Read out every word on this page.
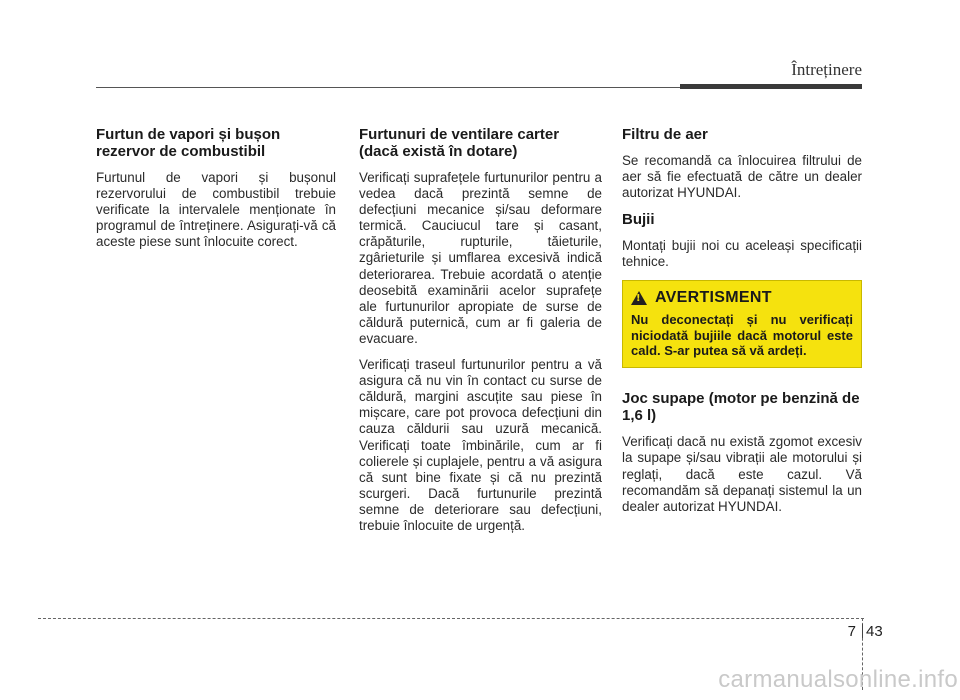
Întreținere
Furtun de vapori și bușon rezervor de combustibil

Furtunul de vapori și bușonul rezervorului de combustibil trebuie verificate la intervalele menționate în programul de întreținere. Asigurați-vă că aceste piese sunt înlocuite corect.

Furtunuri de ventilare carter (dacă există în dotare)

Verificați suprafețele furtunurilor pentru a vedea dacă prezintă semne de defecțiuni mecanice și/sau deformare termică. Cauciucul tare și casant, crăpăturile, rupturile, tăieturile, zgârieturile și umflarea excesivă indică deteriorarea. Trebuie acordată o atenție deosebită examinării acelor suprafețe ale furtunurilor apropiate de surse de căldură puternică, cum ar fi galeria de evacuare.

Verificați traseul furtunurilor pentru a vă asigura că nu vin în contact cu surse de căldură, margini ascuțite sau piese în mișcare, care pot provoca defecțiuni din cauza căldurii sau uzură mecanică. Verificați toate îmbinările, cum ar fi colierele și cuplajele, pentru a vă asigura că sunt bine fixate și că nu prezintă scurgeri. Dacă furtunurile prezintă semne de deteriorare sau defecțiuni, trebuie înlocuite de urgență.

Filtru de aer

Se recomandă ca înlocuirea filtrului de aer să fie efectuată de către un dealer autorizat HYUNDAI.

Bujii

Montați bujii noi cu aceleași specificații tehnice.

!
AVERTISMENT

Nu deconectați și nu verificați niciodată bujiile dacă motorul este cald. S-ar putea să vă ardeți.

Joc supape (motor pe benzină de 1,6 l)

Verificați dacă nu există zgomot excesiv la supape și/sau vibrații ale motorului și reglați, dacă este cazul. Vă recomandăm să depanați sistemul la un dealer autorizat HYUNDAI.

7 43
carmanualsonline.info
